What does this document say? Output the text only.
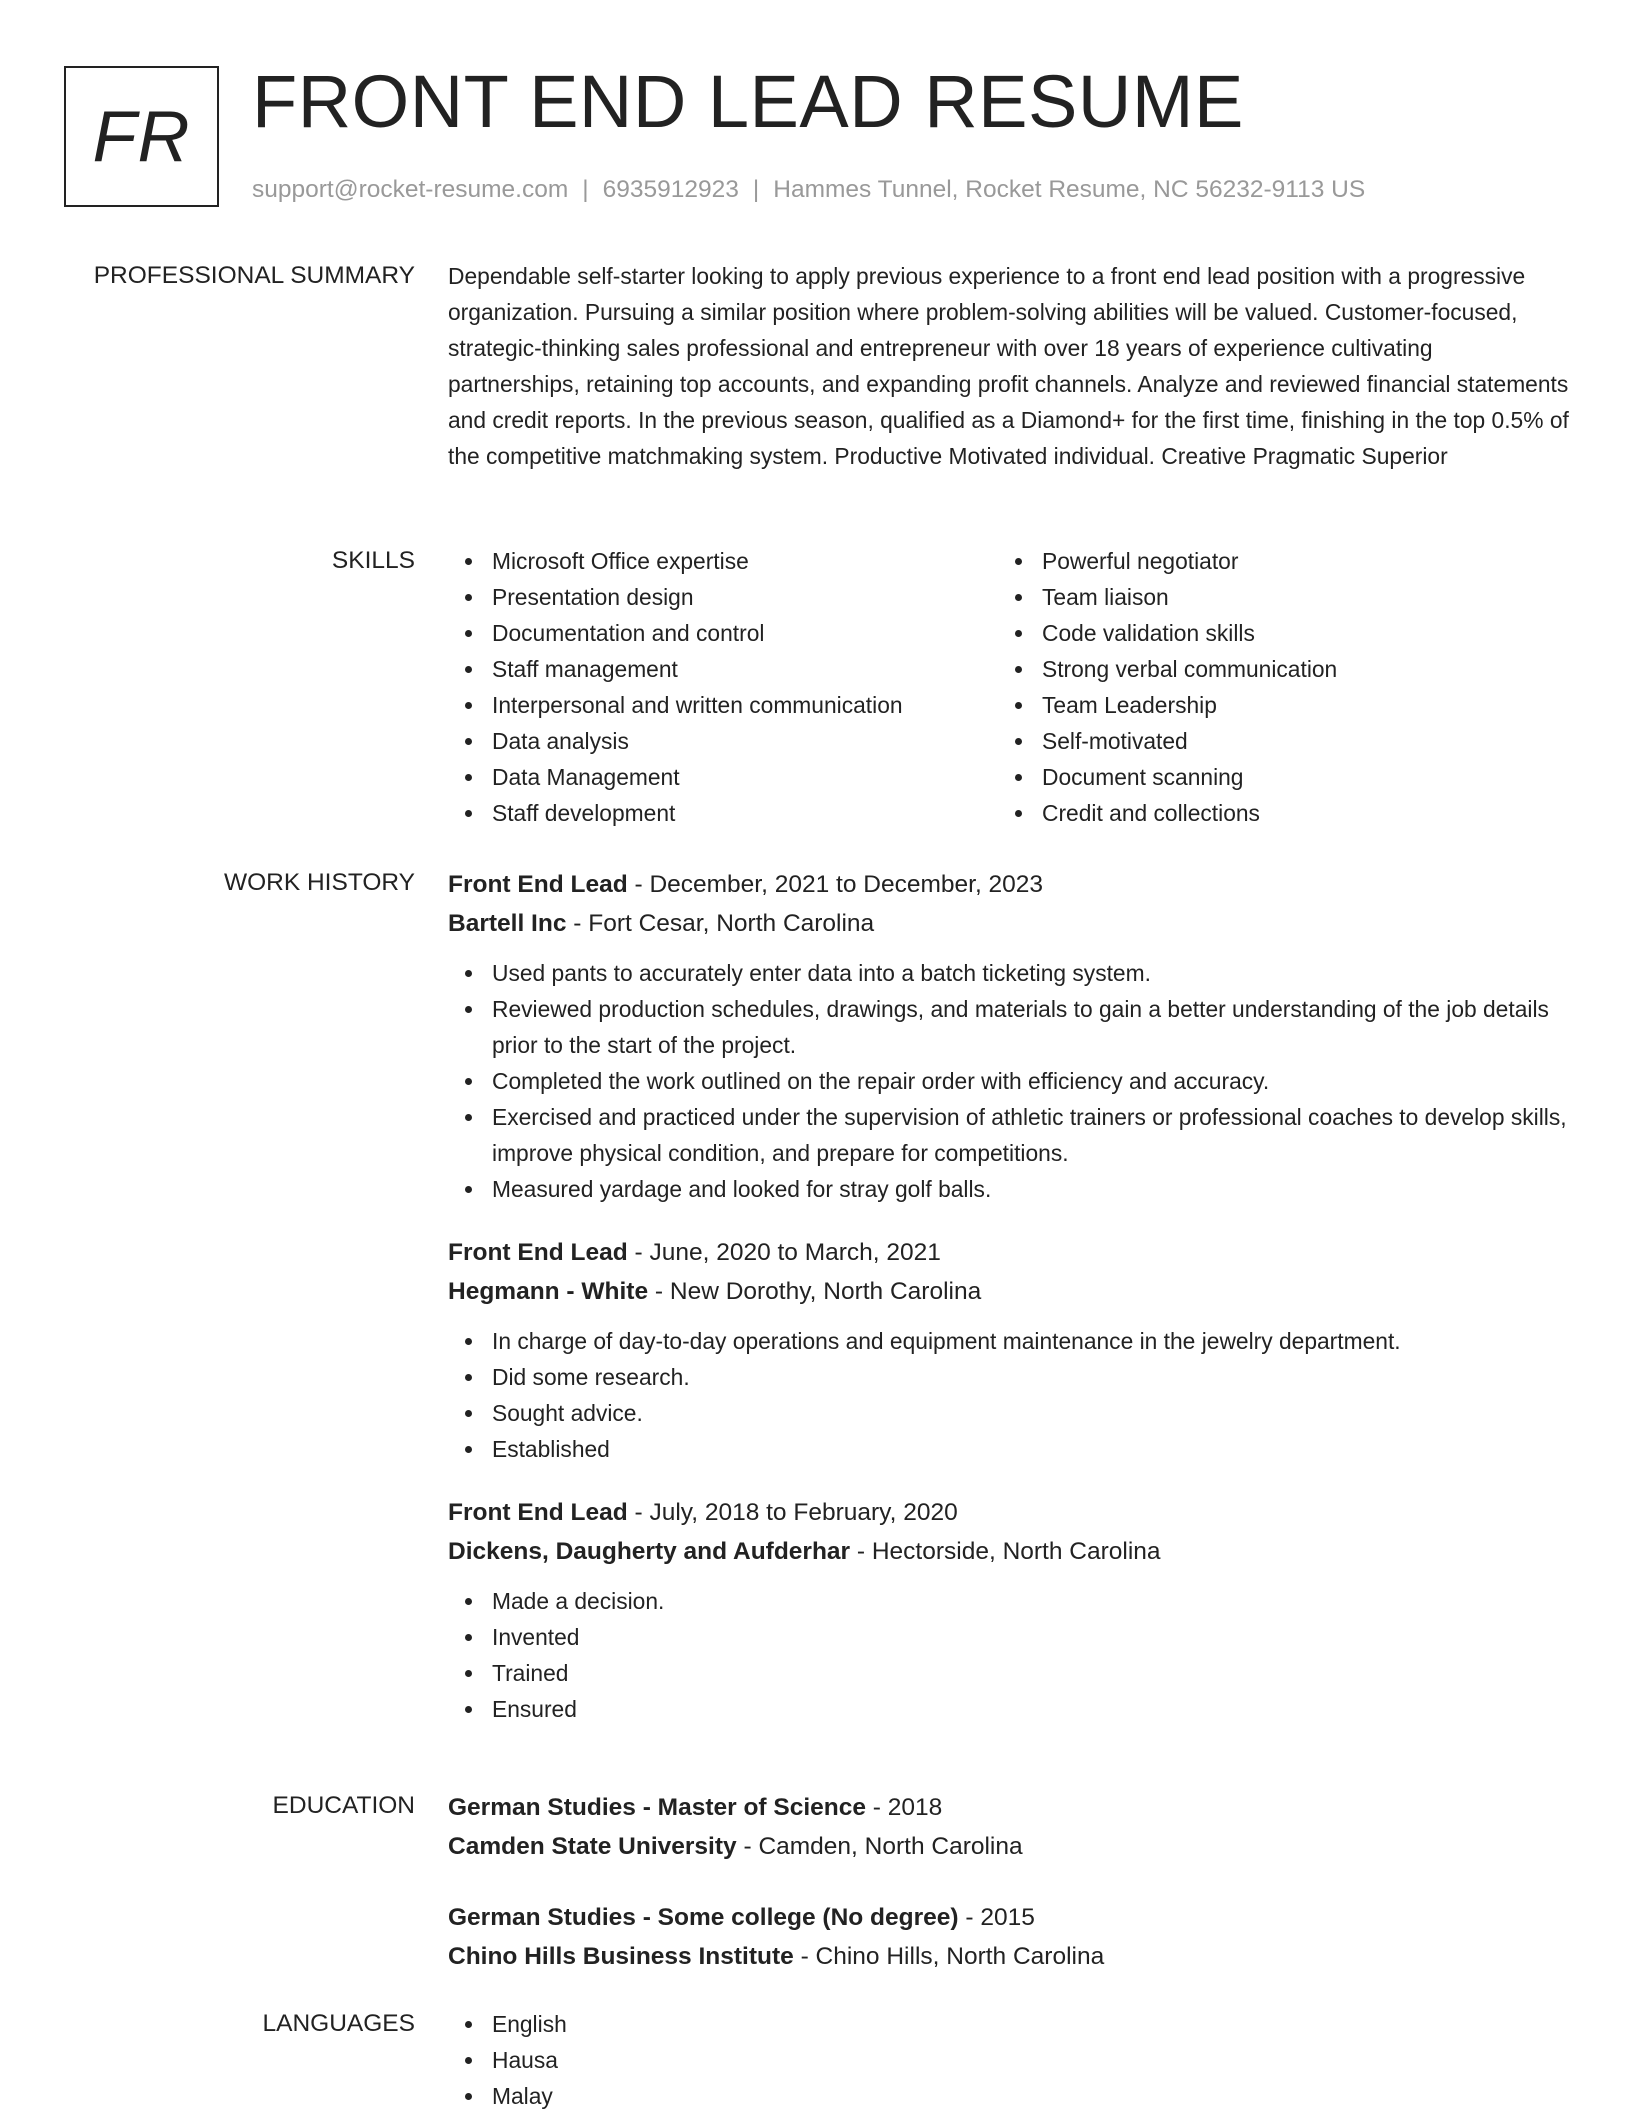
FR FRONT END LEAD RESUME
support@rocket-resume.com | 6935912923 | Hammes Tunnel, Rocket Resume, NC 56232-9113 US
PROFESSIONAL SUMMARY Dependable self-starter looking to apply previous experience to a front end lead position with a progressive organization. Pursuing a similar position where problem-solving abilities will be valued. Customer-focused, strategic-thinking sales professional and entrepreneur with over 18 years of experience cultivating partnerships, retaining top accounts, and expanding profit channels. Analyze and reviewed financial statements and credit reports. In the previous season, qualified as a Diamond+ for the first time, finishing in the top 0.5% of the competitive matchmaking system. Productive Motivated individual. Creative Pragmatic Superior

SKILLS	Microsoft Office expertise
Presentation design
Documentation and control
Staff management
Interpersonal and written communication
Data analysis
Data Management
Staff development
Powerful negotiator
Team liaison
Code validation skills
Strong verbal communication
Team Leadership
Self-motivated
Document scanning
Credit and collections
WORK HISTORY Front End Lead - December, 2021 to December, 2023
Bartell Inc - Fort Cesar, North Carolina
Used pants to accurately enter data into a batch ticketing system.
Reviewed production schedules, drawings, and materials to gain a better understanding of the job details prior to the start of the project.
Completed the work outlined on the repair order with efficiency and accuracy.
Exercised and practiced under the supervision of athletic trainers or professional coaches to develop skills, improve physical condition, and prepare for competitions.
Measured yardage and looked for stray golf balls.
Front End Lead - June, 2020 to March, 2021
Hegmann - White - New Dorothy, North Carolina
In charge of day-to-day operations and equipment maintenance in the jewelry department.
Did some research.
Sought advice.
Established
Front End Lead - July, 2018 to February, 2020
Dickens, Daugherty and Aufderhar - Hectorside, North Carolina
Made a decision.
Invented
Trained
Ensured
EDUCATION German Studies - Master of Science - 2018
Camden State University - Camden, North Carolina
German Studies - Some college (No degree) - 2015
Chino Hills Business Institute - Chino Hills, North Carolina
LANGUAGES	English
Hausa
Malay
